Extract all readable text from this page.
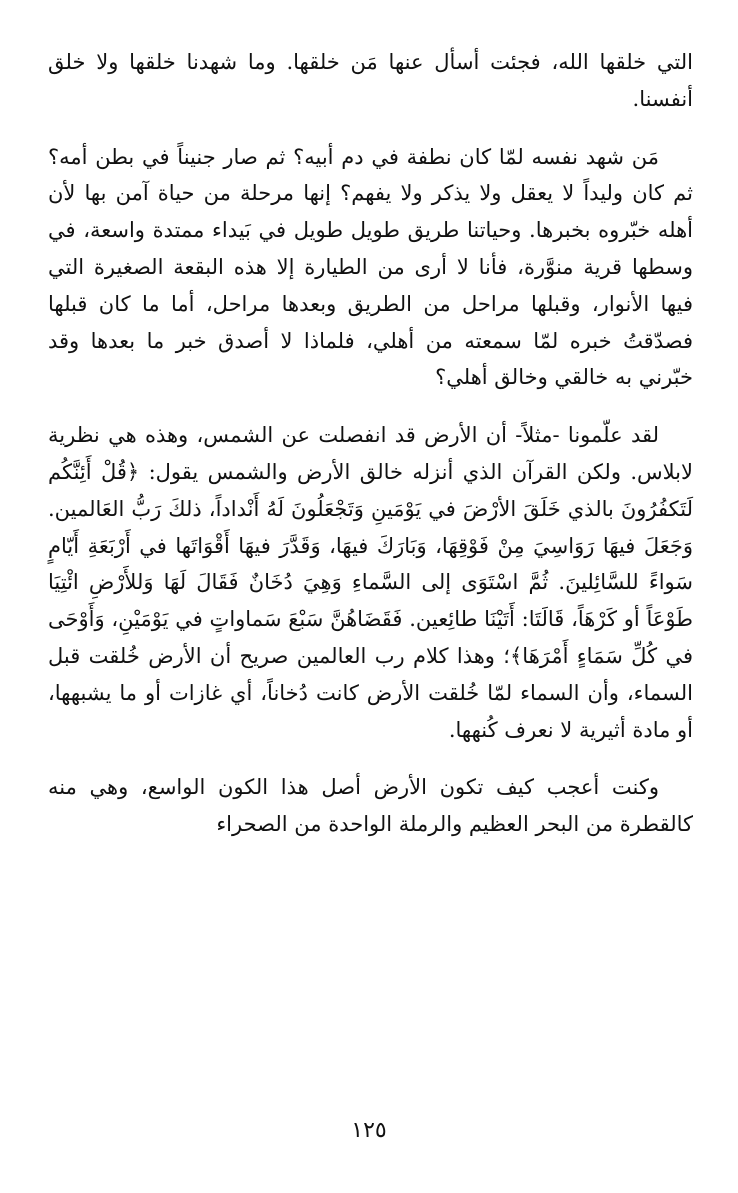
التي خلقها الله، فجئت أسأل عنها مَن خلقها. وما شهدنا خلقها ولا خلق أنفسنا.

مَن شهد نفسه لمّا كان نطفة في دم أبيه؟ ثم صار جنيناً في بطن أمه؟ ثم كان وليداً لا يعقل ولا يذكر ولا يفهم؟ إنها مرحلة من حياة آمن بها لأن أهله خبّروه بخبرها. وحياتنا طريق طويل طويل في بَيداء ممتدة واسعة، في وسطها قرية منوَّرة، فأنا لا أرى من الطيارة إلا هذه البقعة الصغيرة التي فيها الأنوار، وقبلها مراحل من الطريق وبعدها مراحل، أما ما كان قبلها فصدّقتُ خبره لمّا سمعته من أهلي، فلماذا لا أصدق خبر ما بعدها وقد خبّرني به خالقي وخالق أهلي؟

لقد علّمونا -مثلاً- أن الأرض قد انفصلت عن الشمس، وهذه هي نظرية لابلاس. ولكن القرآن الذي أنزله خالق الأرض والشمس يقول: ﴿قُلْ أَئِنَّكُم لَتَكفُرُونَ بالذي خَلَقَ الأرْضَ في يَوْمَينِ وَتَجْعَلُونَ لَهُ أَنْداداً، ذلكَ رَبُّ العَالمين. وَجَعَلَ فيهَا رَوَاسِيَ مِنْ فَوْقِهَا، وَبَارَكَ فيهَا، وَقَدَّرَ فيهَا أَقْوَاتَها في أَرْبَعَةِ أَيّامٍ سَواءً للسَّائِلينَ. ثُمَّ اسْتَوَى إلى السَّماءِ وَهِيَ دُخَانٌ فَقَالَ لَهَا وَللأَرْضِ ائْتِيَا طَوْعَاً أو كَرْهَاً، قَالَتَا: أَتَيْنَا طائِعين. فَقَضَاهُنَّ سَبْعَ سَماواتٍ في يَوْمَيْنِ، وَأَوْحَى في كُلِّ سَمَاءٍ أَمْرَهَا﴾؛ وهذا كلام رب العالمين صريح أن الأرض خُلقت قبل السماء، وأن السماء لمّا خُلقت الأرض كانت دُخاناً، أي غازات أو ما يشبهها، أو مادة أثيرية لا نعرف كُنهها.

وكنت أعجب كيف تكون الأرض أصل هذا الكون الواسع، وهي منه كالقطرة من البحر العظيم والرملة الواحدة من الصحراء

١٢٥
